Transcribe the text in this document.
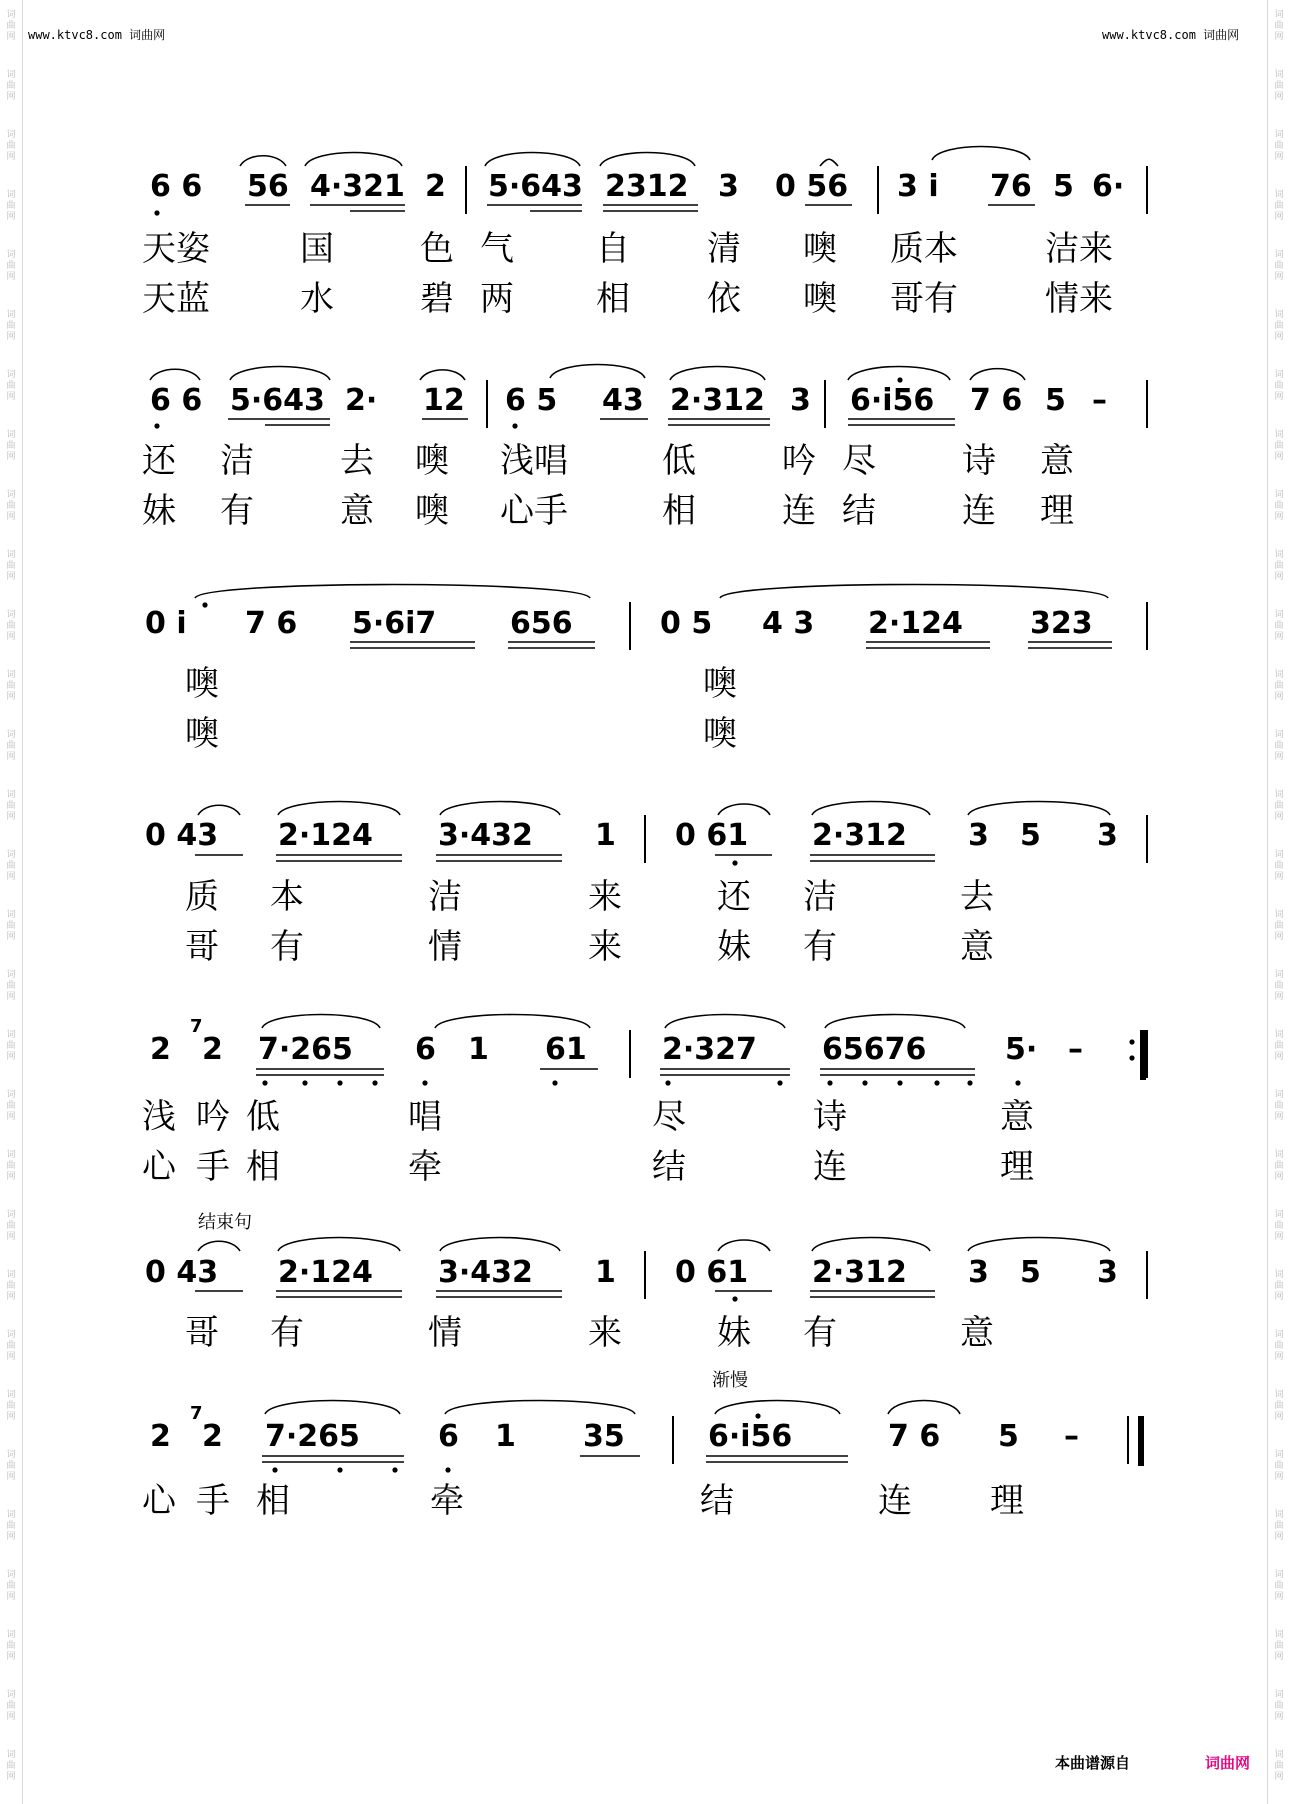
词
曲
网
词
曲
网
词
曲
网
词
曲
网
词
曲
网
词
曲
网
词
曲
网
词
曲
网
词
曲
网
词
曲
网
词
曲
网
词
曲
网
词
曲
网
词
曲
网
词
曲
网
词
曲
网
词
曲
网
词
曲
网
词
曲
网
词
曲
网
词
曲
网
词
曲
网
词
曲
网
词
曲
网
词
曲
网
词
曲
网
词
曲
网
词
曲
网
词
曲
网
词
曲
网
词
曲
网
词
曲
网
词
曲
网
词
曲
网
词
曲
网
词
曲
网
词
曲
网
词
曲
网
词
曲
网
词
曲
网
词
曲
网
词
曲
网
词
曲
网
词
曲
网
词
曲
网
词
曲
网
词
曲
网
词
曲
网
词
曲
网
词
曲
网
词
曲
网
词
曲
网
词
曲
网
词
曲
网
词
曲
网
词
曲
网
词
曲
网
词
曲
网
词
曲
网
词
曲
网
www.ktvc8.com 词曲网	www.ktvc8.com 词曲网
6 6 56 4·321 2 5·643 2312 3 0 56 3 i 76 5 6·
天姿	国	色 气 自 清 噢 质本	洁来
天蓝	水	碧 两 相 依 噢 哥有	情来
6 6 5·643 2· 12 6 5 43 2·312 3 6·i56 7 6 5 –
还 洁	去 噢 浅唱	低	吟 尽	诗 意
妹 有	意 噢 心手	相	连 结	连 理
0 i 7 6 5·6i7 656	0 5 4 3 2·124 323
噢	噢
噢	噢
0 43 2·124 3·432 1 0 61 2·312 3 5 3
质 本	洁	来	还 洁	去
哥 有	情	来	妹 有	意
2
7
2 7·265 6 1 61	2·327 65676	5· –
浅 吟 低	唱	尽	诗	意
心 手 相	牵	结	连	理
结束句
0 43 2·124 3·432 1 0 61 2·312 3 5 3
哥 有	情	来	妹 有	意
渐慢
2
7
2 7·265	6 1 35	6·i56	7 6 5 –
心 手 相	牵	结	连 理
本曲谱源自	词曲网
